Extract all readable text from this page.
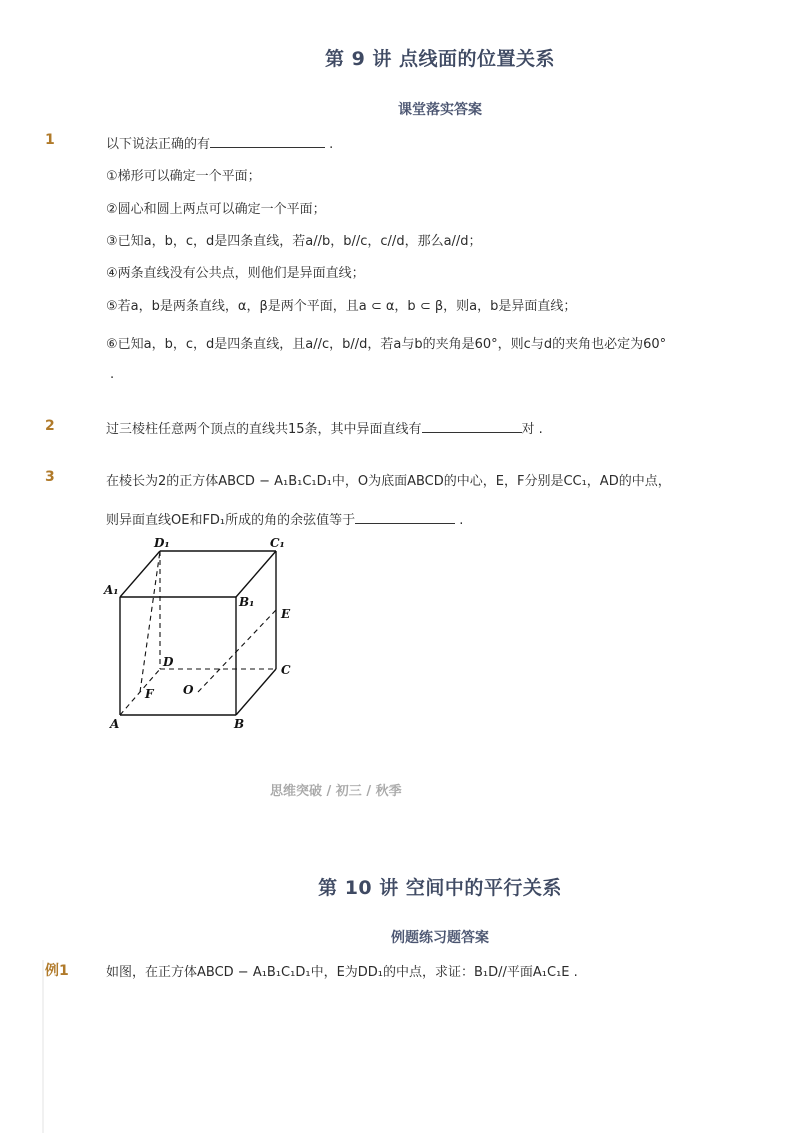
第 9 讲 点线面的位置关系
课堂落实答案
1	以下说法正确的有	.
①梯形可以确定一个平面；
②圆心和圆上两点可以确定一个平面；
③已知a，b，c，d是四条直线，若a//b，b//c，c//d，那么a//d；
④两条直线没有公共点，则他们是异面直线；
⑤若a，b是两条直线，α，β是两个平面，且a ⊂ α，b ⊂ β，则a，b是异面直线；
⑥已知a，b，c，d是四条直线，且a//c，b//d，若a与b的夹角是60°，则c与d的夹角也必定为60°
.
2	过三棱柱任意两个顶点的直线共15条，其中异面直线有	对 .
3	在棱长为2的正方体ABCD − A₁B₁C₁D₁中，O为底面ABCD的中心，E，F分别是CC₁，AD的中点，
则异面直线OE和FD₁所成的角的余弦值等于	.
D₁	C₁
A₁
B₁
E
D
C
F O
A	B
思维突破 / 初三 / 秋季
第 10 讲 空间中的平行关系
例题练习题答案
例1	如图，在正方体ABCD − A₁B₁C₁D₁中，E为DD₁的中点，求证：B₁D//平面A₁C₁E .
